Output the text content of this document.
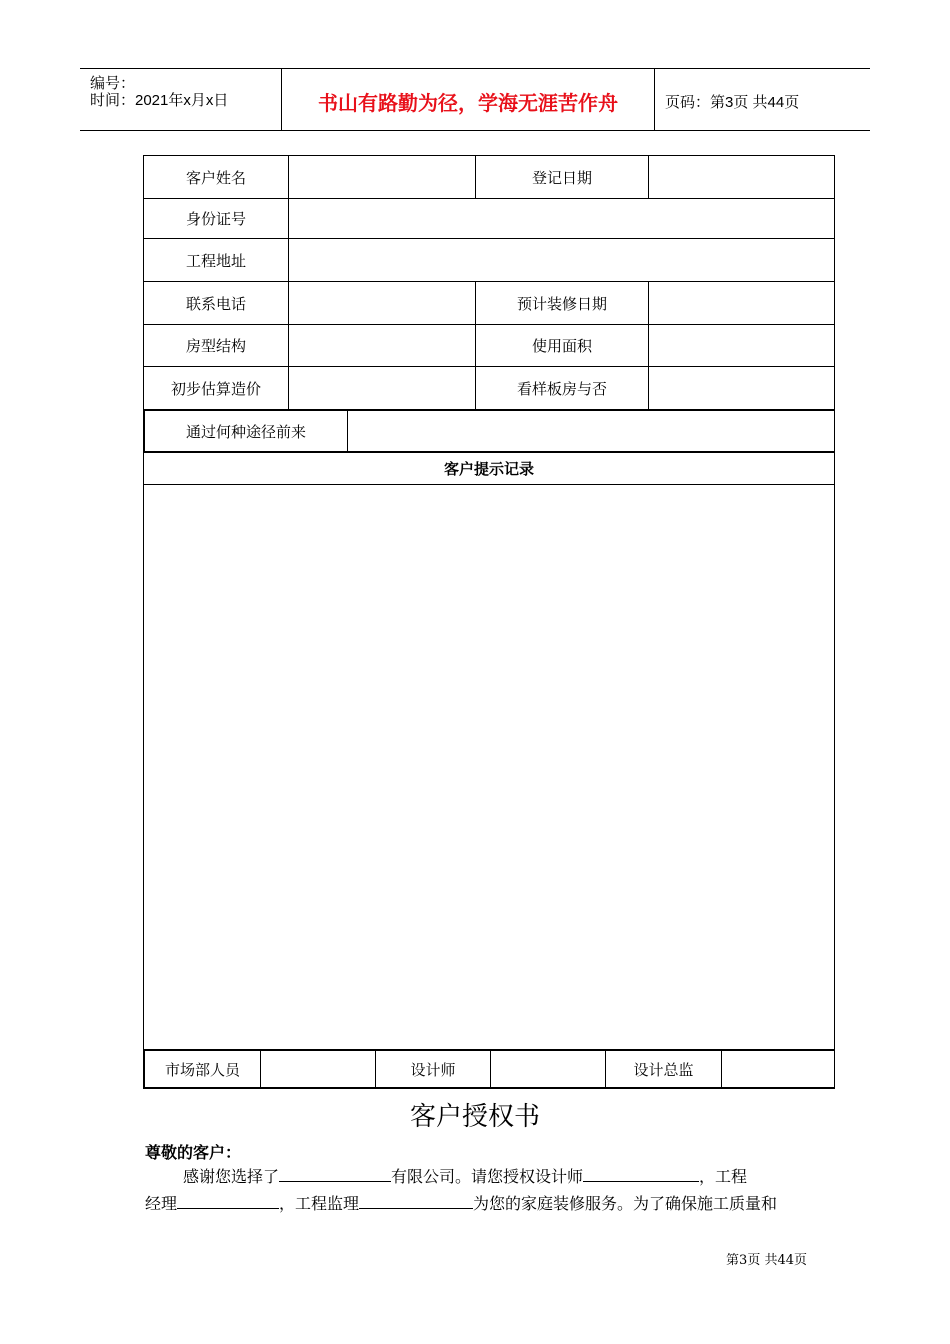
编号：
时间：2021年x月x日	书山有路勤为径，学海无涯苦作舟	页码：第3页 共44页
客户姓名		登记日期	
身份证号	
工程地址	
联系电话		预计装修日期	
房型结构		使用面积	
初步估算造价		看样板房与否	

通过何种途径前来	

客户提示记录

市场部人员		设计师		设计总监	
客户授权书
尊敬的客户：
感谢您选择了	有限公司。请您授权设计师	，工程
经理	，工程监理	为您的家庭装修服务。为了确保施工质量和
第3页 共44页
